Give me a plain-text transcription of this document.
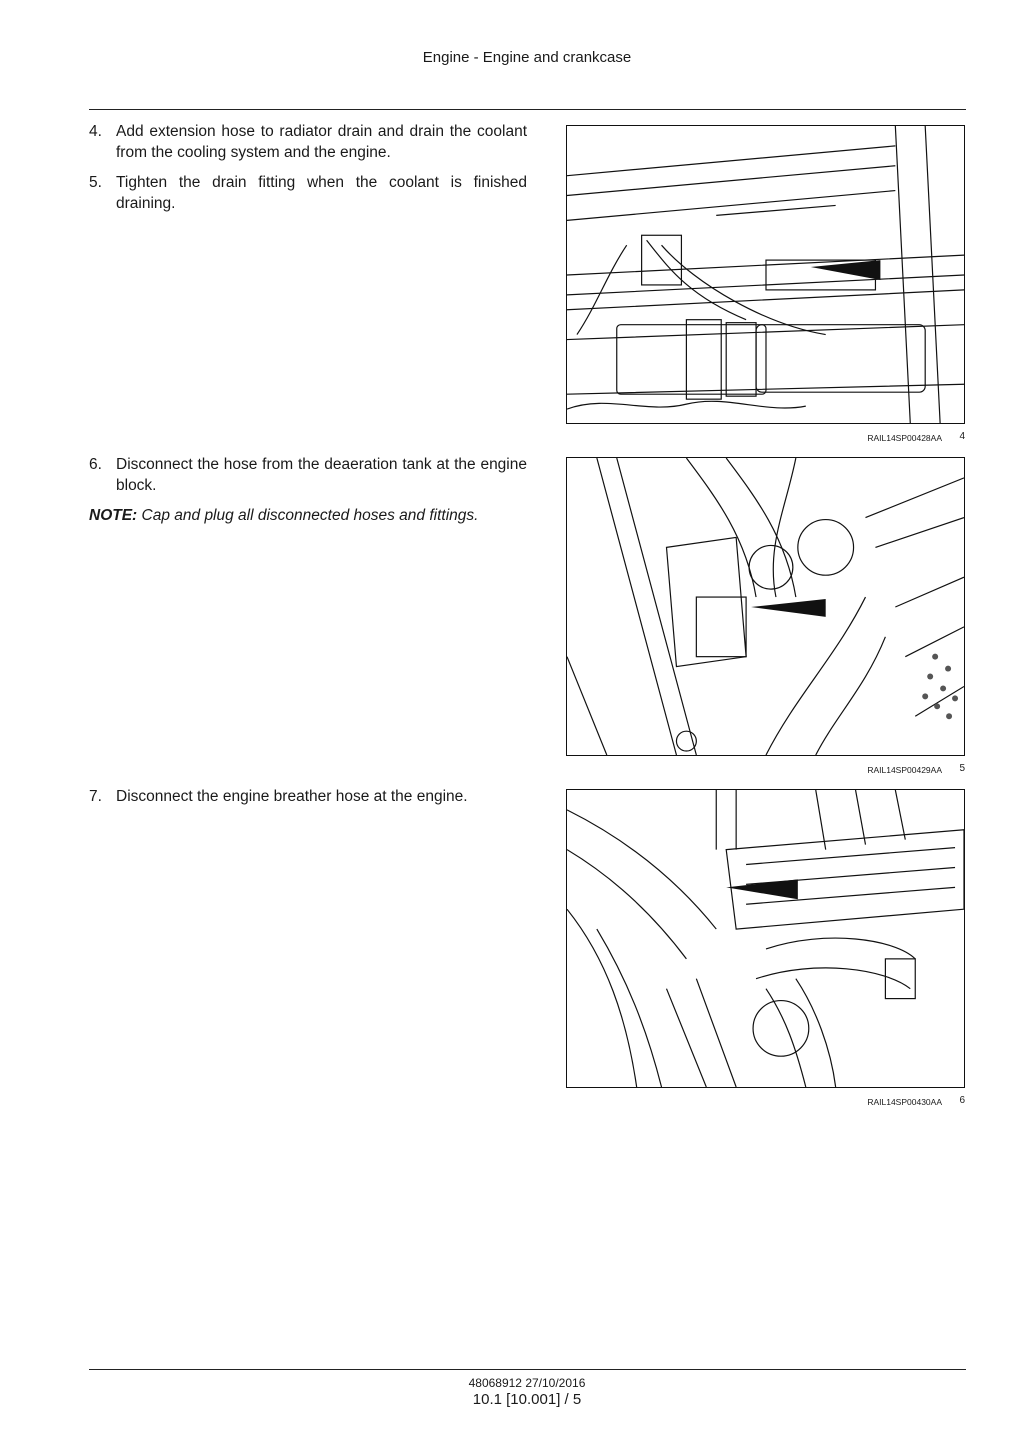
Engine - Engine and crankcase
4. Add extension hose to radiator drain and drain the coolant from the cooling system and the engine.
5. Tighten the drain fitting when the coolant is finished draining.
RAIL14SP00428AA 4
6. Disconnect the hose from the deaeration tank at the engine block.
NOTE: Cap and plug all disconnected hoses and fittings.
RAIL14SP00429AA 5
7. Disconnect the engine breather hose at the engine.
RAIL14SP00430AA 6
48068912 27/10/2016
10.1 [10.001] / 5
